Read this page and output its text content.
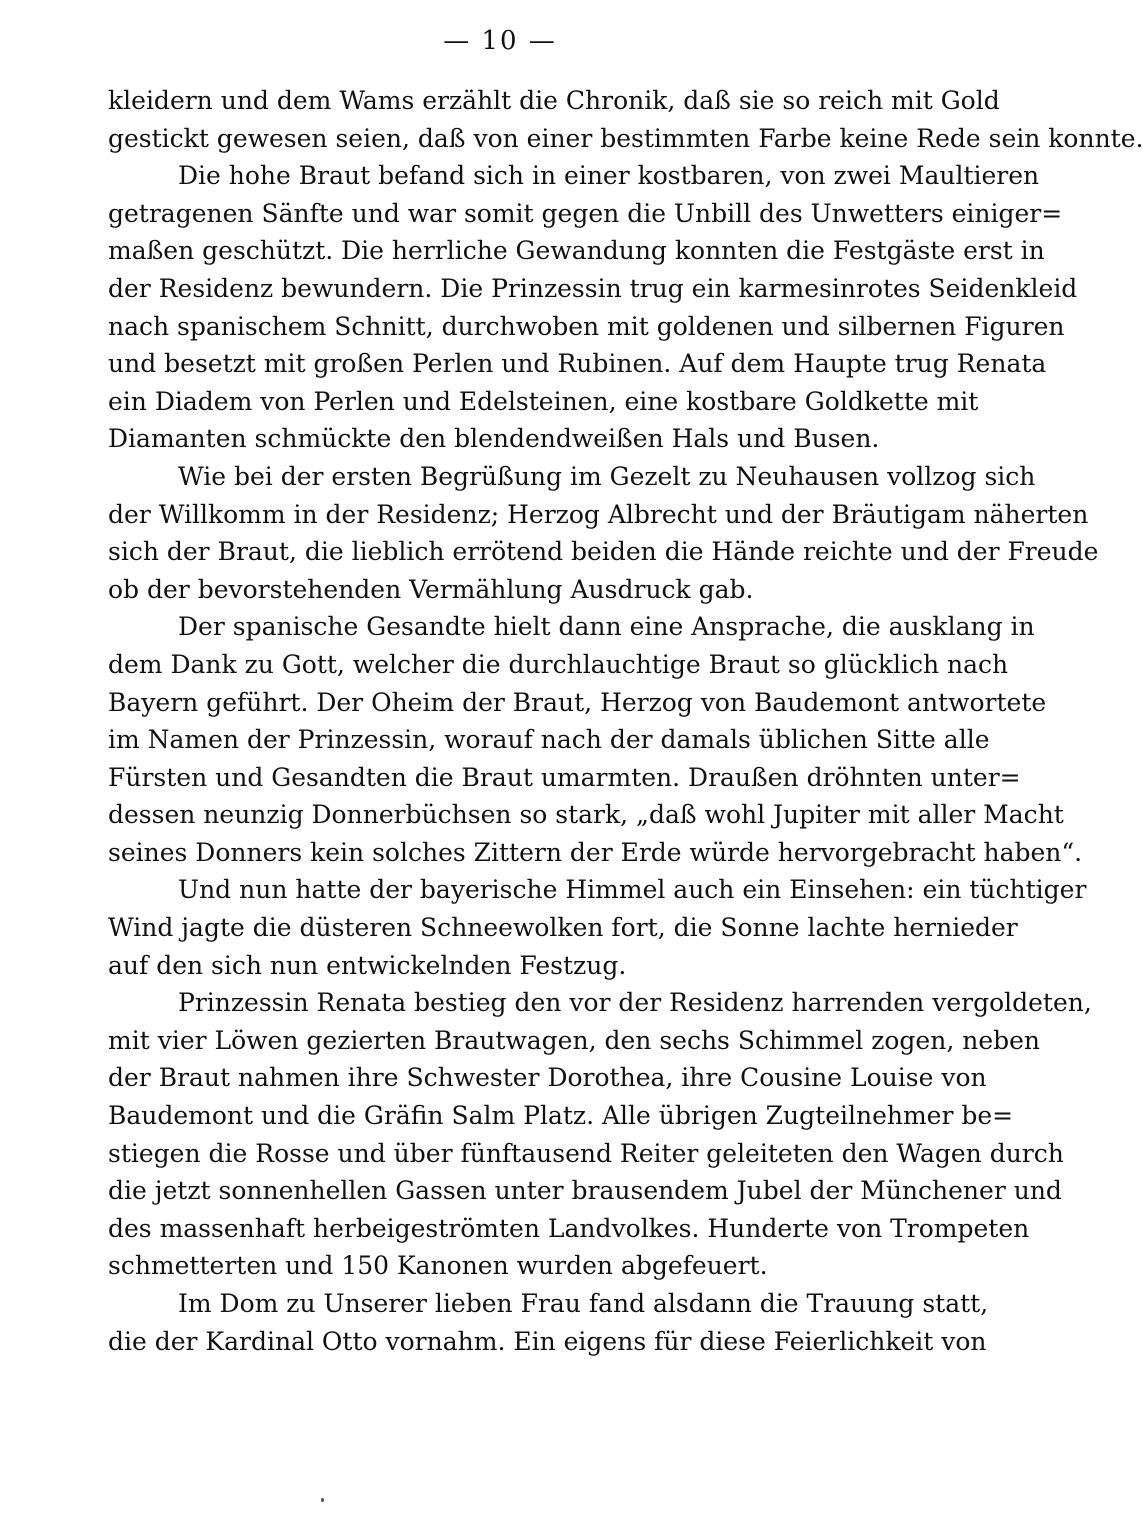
— 10 —
kleidern und dem Wams erzählt die Chronik, daß sie so reich mit Gold
gestickt gewesen seien, daß von einer bestimmten Farbe keine Rede sein konnte.
Die hohe Braut befand sich in einer kostbaren, von zwei Maultieren
getragenen Sänfte und war somit gegen die Unbill des Unwetters einiger=
maßen geschützt. Die herrliche Gewandung konnten die Festgäste erst in
der Residenz bewundern. Die Prinzessin trug ein karmesinrotes Seidenkleid
nach spanischem Schnitt, durchwoben mit goldenen und silbernen Figuren
und besetzt mit großen Perlen und Rubinen. Auf dem Haupte trug Renata
ein Diadem von Perlen und Edelsteinen, eine kostbare Goldkette mit
Diamanten schmückte den blendendweißen Hals und Busen.
Wie bei der ersten Begrüßung im Gezelt zu Neuhausen vollzog sich
der Willkomm in der Residenz; Herzog Albrecht und der Bräutigam näherten
sich der Braut, die lieblich errötend beiden die Hände reichte und der Freude
ob der bevorstehenden Vermählung Ausdruck gab.
Der spanische Gesandte hielt dann eine Ansprache, die ausklang in
dem Dank zu Gott, welcher die durchlauchtige Braut so glücklich nach
Bayern geführt. Der Oheim der Braut, Herzog von Baudemont antwortete
im Namen der Prinzessin, worauf nach der damals üblichen Sitte alle
Fürsten und Gesandten die Braut umarmten. Draußen dröhnten unter=
dessen neunzig Donnerbüchsen so stark, „daß wohl Jupiter mit aller Macht
seines Donners kein solches Zittern der Erde würde hervorgebracht haben“.
Und nun hatte der bayerische Himmel auch ein Einsehen: ein tüchtiger
Wind jagte die düsteren Schneewolken fort, die Sonne lachte hernieder
auf den sich nun entwickelnden Festzug.
Prinzessin Renata bestieg den vor der Residenz harrenden vergoldeten,
mit vier Löwen gezierten Brautwagen, den sechs Schimmel zogen, neben
der Braut nahmen ihre Schwester Dorothea, ihre Cousine Louise von
Baudemont und die Gräfin Salm Platz. Alle übrigen Zugteilnehmer be=
stiegen die Rosse und über fünftausend Reiter geleiteten den Wagen durch
die jetzt sonnenhellen Gassen unter brausendem Jubel der Münchener und
des massenhaft herbeigeströmten Landvolkes. Hunderte von Trompeten
schmetterten und 150 Kanonen wurden abgefeuert.
Im Dom zu Unserer lieben Frau fand alsdann die Trauung statt,
die der Kardinal Otto vornahm. Ein eigens für diese Feierlichkeit von
